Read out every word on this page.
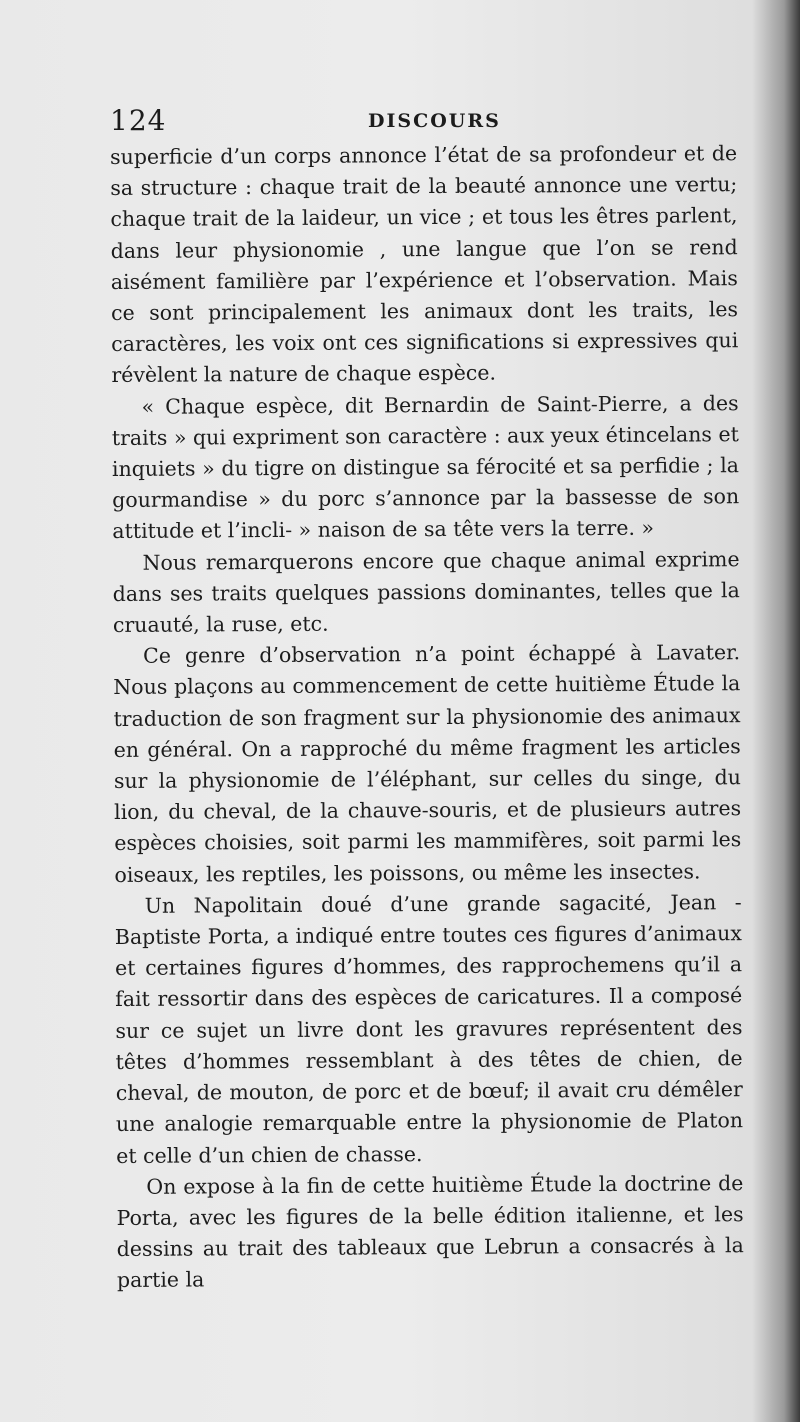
124	DISCOURS

superficie d’un corps annonce l’état de sa profondeur et de sa structure : chaque trait de la beauté annonce une vertu; chaque trait de la laideur, un vice ; et tous les êtres parlent, dans leur physionomie , une langue que l’on se rend aisément familière par l’expérience et l’observation. Mais ce sont principalement les animaux dont les traits, les caractères, les voix ont ces significations si expressives qui révèlent la nature de chaque espèce.

« Chaque espèce, dit Bernardin de Saint-Pierre, a des traits » qui expriment son caractère : aux yeux étincelans et inquiets » du tigre on distingue sa férocité et sa perfidie ; la gourmandise » du porc s’annonce par la bassesse de son attitude et l’incli- » naison de sa tête vers la terre. »

Nous remarquerons encore que chaque animal exprime dans ses traits quelques passions dominantes, telles que la cruauté, la ruse, etc.

Ce genre d’observation n’a point échappé à Lavater. Nous plaçons au commencement de cette huitième Étude la traduction de son fragment sur la physionomie des animaux en général. On a rapproché du même fragment les articles sur la physionomie de l’éléphant, sur celles du singe, du lion, du cheval, de la chauve-souris, et de plusieurs autres espèces choisies, soit parmi les mammifères, soit parmi les oiseaux, les reptiles, les poissons, ou même les insectes.

Un Napolitain doué d’une grande sagacité, Jean - Baptiste Porta, a indiqué entre toutes ces figures d’animaux et certaines figures d’hommes, des rapprochemens qu’il a fait ressortir dans des espèces de caricatures. Il a composé sur ce sujet un livre dont les gravures représentent des têtes d’hommes ressemblant à des têtes de chien, de cheval, de mouton, de porc et de bœuf; il avait cru démêler une analogie remarquable entre la physionomie de Platon et celle d’un chien de chasse.

On expose à la fin de cette huitième Étude la doctrine de Porta, avec les figures de la belle édition italienne, et les dessins au trait des tableaux que Lebrun a consacrés à la partie la
